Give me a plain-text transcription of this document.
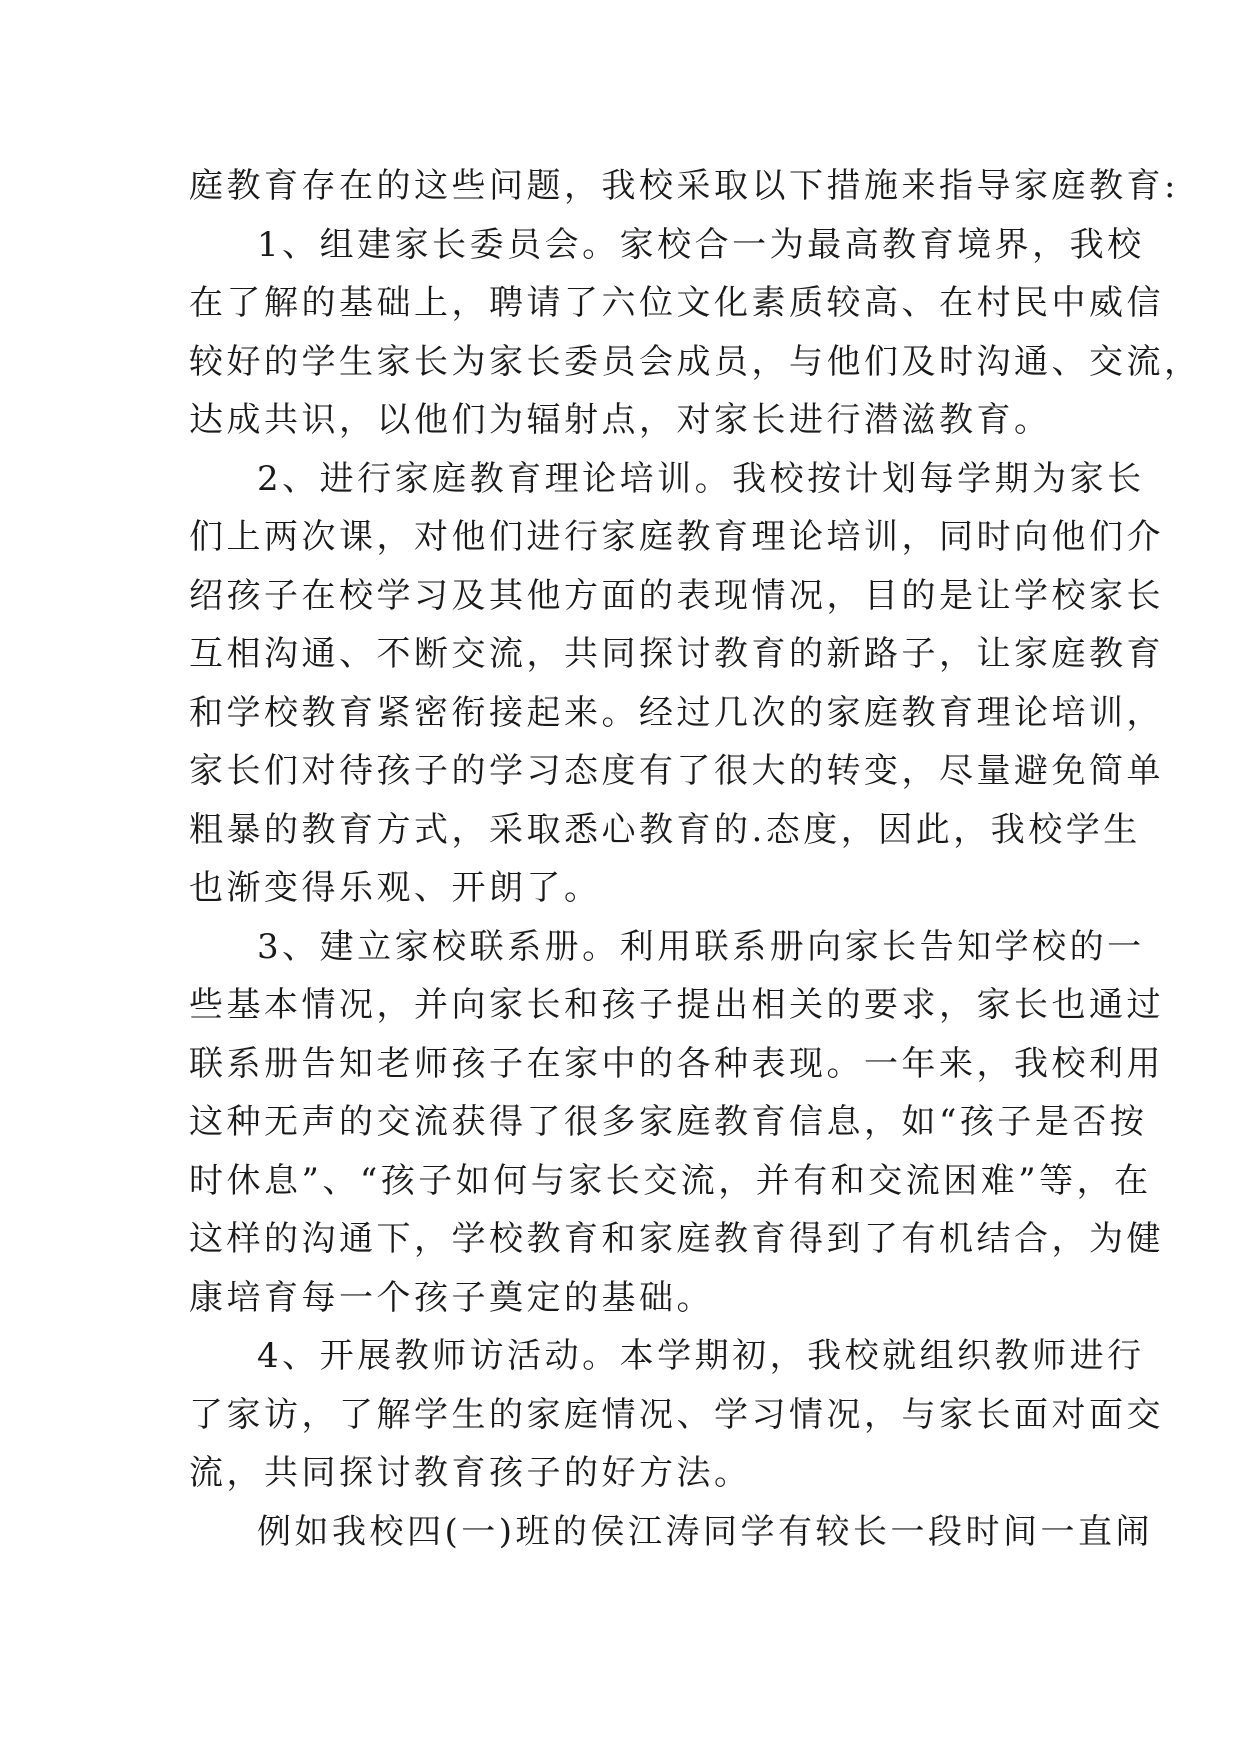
庭教育存在的这些问题，我校采取以下措施来指导家庭教育:
1、组建家长委员会。家校合一为最高教育境界，我校
在了解的基础上，聘请了六位文化素质较高、在村民中威信
较好的学生家长为家长委员会成员，与他们及时沟通、交流，
达成共识，以他们为辐射点，对家长进行潜滋教育。
2、进行家庭教育理论培训。我校按计划每学期为家长
们上两次课，对他们进行家庭教育理论培训，同时向他们介
绍孩子在校学习及其他方面的表现情况，目的是让学校家长
互相沟通、不断交流，共同探讨教育的新路子，让家庭教育
和学校教育紧密衔接起来。经过几次的家庭教育理论培训，
家长们对待孩子的学习态度有了很大的转变，尽量避免简单
粗暴的教育方式，采取悉心教育的.态度，因此，我校学生
也渐变得乐观、开朗了。
3、建立家校联系册。利用联系册向家长告知学校的一
些基本情况，并向家长和孩子提出相关的要求，家长也通过
联系册告知老师孩子在家中的各种表现。一年来，我校利用
这种无声的交流获得了很多家庭教育信息，如“孩子是否按
时休息”、“孩子如何与家长交流，并有和交流困难”等，在
这样的沟通下，学校教育和家庭教育得到了有机结合，为健
康培育每一个孩子奠定的基础。
4、开展教师访活动。本学期初，我校就组织教师进行
了家访，了解学生的家庭情况、学习情况，与家长面对面交
流，共同探讨教育孩子的好方法。
例如我校四(一)班的侯江涛同学有较长一段时间一直闹
